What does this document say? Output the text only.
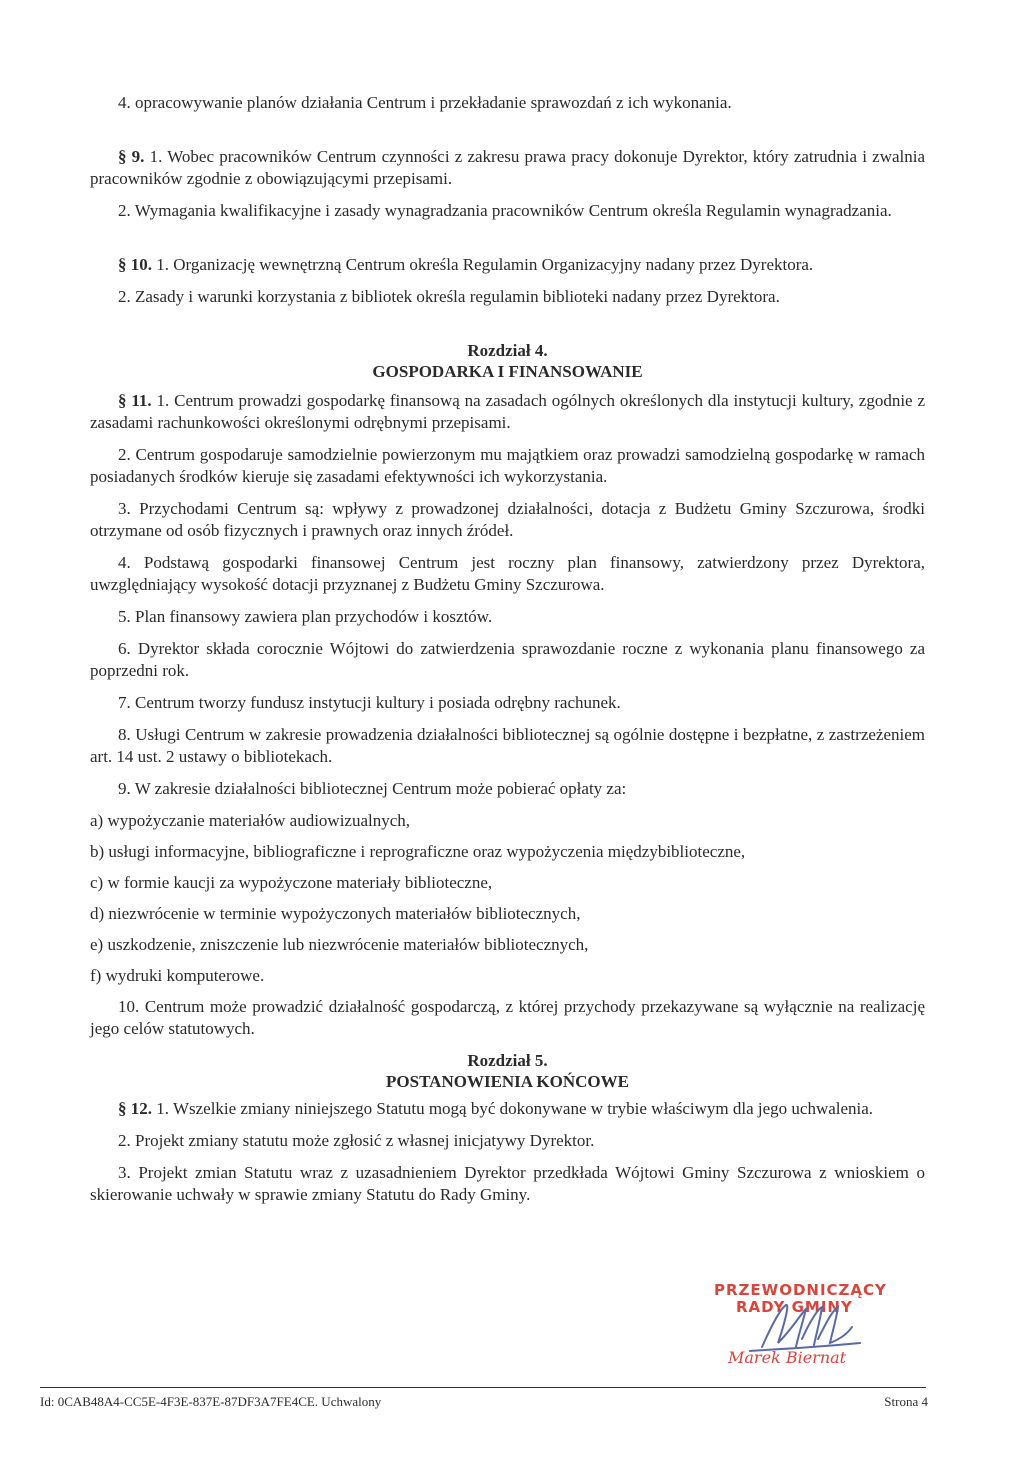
4. opracowywanie planów działania Centrum i przekładanie sprawozdań z ich wykonania.

§ 9. 1. Wobec pracowników Centrum czynności z zakresu prawa pracy dokonuje Dyrektor, który zatrudnia i zwalnia pracowników zgodnie z obowiązującymi przepisami.

2. Wymagania kwalifikacyjne i zasady wynagradzania pracowników Centrum określa Regulamin wynagradzania.

§ 10. 1. Organizację wewnętrzną Centrum określa Regulamin Organizacyjny nadany przez Dyrektora.

2. Zasady i warunki korzystania z bibliotek określa regulamin biblioteki nadany przez Dyrektora.

Rozdział 4.

GOSPODARKA I FINANSOWANIE

§ 11. 1. Centrum prowadzi gospodarkę finansową na zasadach ogólnych określonych dla instytucji kultury, zgodnie z zasadami rachunkowości określonymi odrębnymi przepisami.

2. Centrum gospodaruje samodzielnie powierzonym mu majątkiem oraz prowadzi samodzielną gospodarkę w ramach posiadanych środków kieruje się zasadami efektywności ich wykorzystania.

3. Przychodami Centrum są: wpływy z prowadzonej działalności, dotacja z Budżetu Gminy Szczurowa, środki otrzymane od osób fizycznych i prawnych oraz innych źródeł.

4. Podstawą gospodarki finansowej Centrum jest roczny plan finansowy, zatwierdzony przez Dyrektora, uwzględniający wysokość dotacji przyznanej z Budżetu Gminy Szczurowa.

5. Plan finansowy zawiera plan przychodów i kosztów.

6. Dyrektor składa corocznie Wójtowi do zatwierdzenia sprawozdanie roczne z wykonania planu finansowego za poprzedni rok.

7. Centrum tworzy fundusz instytucji kultury i posiada odrębny rachunek.

8. Usługi Centrum w zakresie prowadzenia działalności bibliotecznej są ogólnie dostępne i bezpłatne, z zastrzeżeniem art. 14 ust. 2 ustawy o bibliotekach.

9. W zakresie działalności bibliotecznej Centrum może pobierać opłaty za:

a) wypożyczanie materiałów audiowizualnych,

b) usługi informacyjne, bibliograficzne i reprograficzne oraz wypożyczenia międzybiblioteczne,

c) w formie kaucji za wypożyczone materiały biblioteczne,

d) niezwrócenie w terminie wypożyczonych materiałów bibliotecznych,

e) uszkodzenie, zniszczenie lub niezwrócenie materiałów bibliotecznych,

f) wydruki komputerowe.

10. Centrum może prowadzić działalność gospodarczą, z której przychody przekazywane są wyłącznie na realizację jego celów statutowych.

Rozdział 5.

POSTANOWIENIA KOŃCOWE

§ 12. 1. Wszelkie zmiany niniejszego Statutu mogą być dokonywane w trybie właściwym dla jego uchwalenia.

2. Projekt zmiany statutu może zgłosić z własnej inicjatywy Dyrektor.

3. Projekt zmian Statutu wraz z uzasadnieniem Dyrektor przedkłada Wójtowi Gminy Szczurowa z wnioskiem o skierowanie uchwały w sprawie zmiany Statutu do Rady Gminy.

PRZEWODNICZĄCY
RADY GMINY
Marek Biernat
Id: 0CAB48A4-CC5E-4F3E-837E-87DF3A7FE4CE. Uchwalony	Strona 4
